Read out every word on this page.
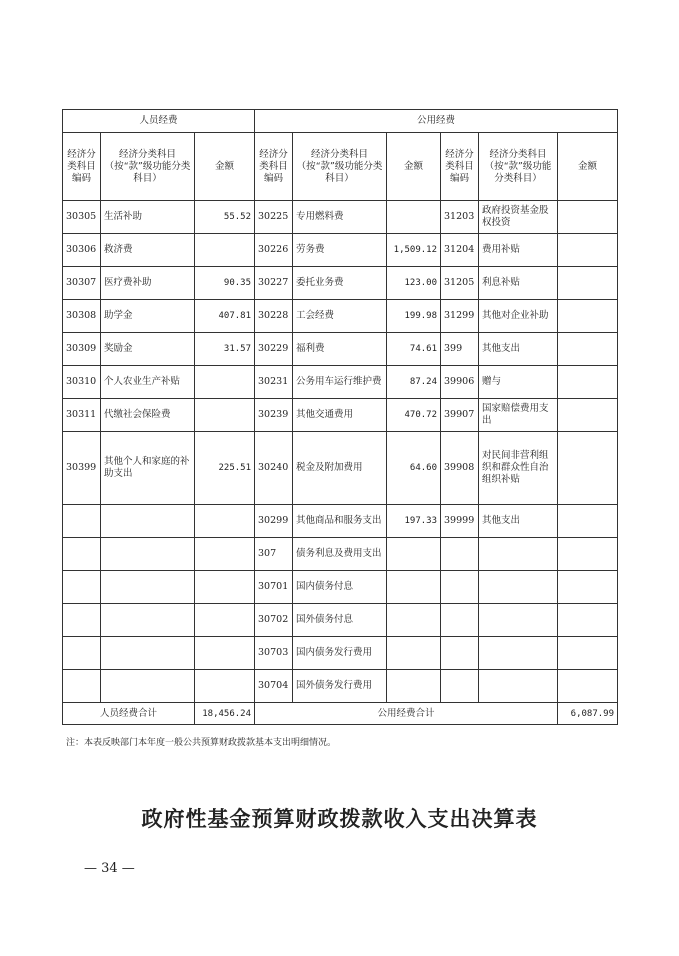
人员经费			公用经费					
经济分类科目编码	经济分类科目（按“款”级功能分类科目）	金额	经济分类科目编码	经济分类科目（按“款”级功能分类科目）	金额	经济分类科目编码	经济分类科目（按“款”级功能分类科目）	金额
30305	生活补助	55.52	30225	专用燃料费		31203	政府投资基金股权投资	
30306	救济费		30226	劳务费	1,509.12	31204	费用补贴	
30307	医疗费补助	90.35	30227	委托业务费	123.00	31205	利息补贴	
30308	助学金	407.81	30228	工会经费	199.98	31299	其他对企业补助	
30309	奖励金	31.57	30229	福利费	74.61	399	其他支出	
30310	个人农业生产补贴		30231	公务用车运行维护费	87.24	39906	赠与	
30311	代缴社会保险费		30239	其他交通费用	470.72	39907	国家赔偿费用支出	
30399	其他个人和家庭的补助支出	225.51	30240	税金及附加费用	64.60	39908	对民间非营利组织和群众性自治组织补贴	
			30299	其他商品和服务支出	197.33	39999	其他支出	
			307	债务利息及费用支出				
			30701	国内债务付息				
			30702	国外债务付息				
			30703	国内债务发行费用				
			30704	国外债务发行费用				
人员经费合计		18,456.24	公用经费合计					6,087.99
注：本表反映部门本年度一般公共预算财政拨款基本支出明细情况。
政府性基金预算财政拨款收入支出决算表
— 34 —
